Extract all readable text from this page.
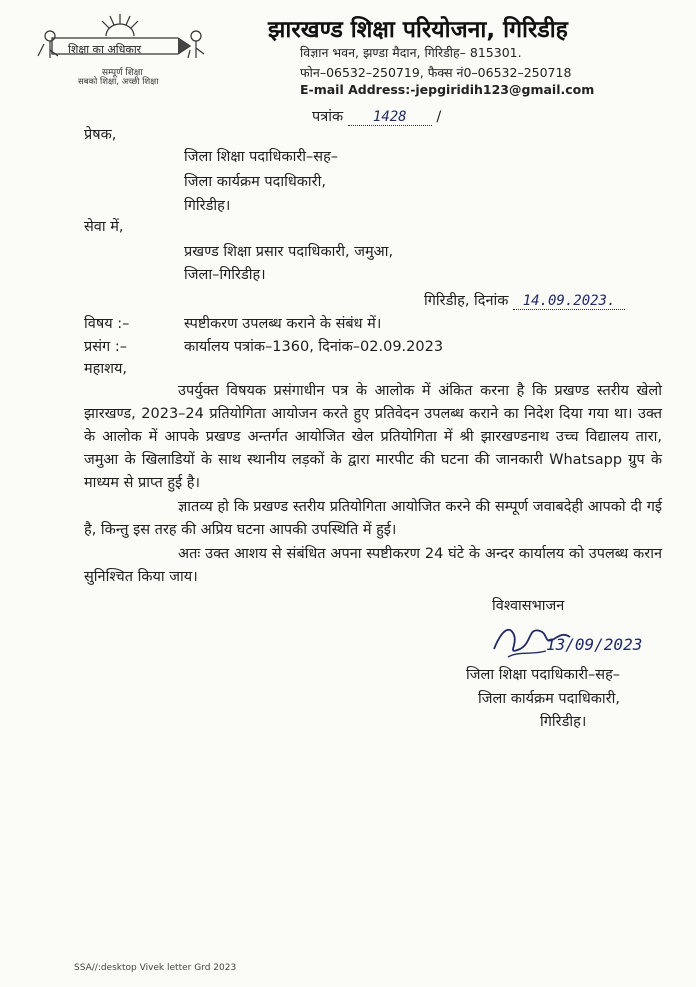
शिक्षा का अधिकार
सम्पूर्ण शिक्षा
सबको शिक्षा, अच्छी शिक्षा
झारखण्ड शिक्षा परियोजना, गिरिडीह
विज्ञान भवन, झण्डा मैदान, गिरिडीह– 815301.
फोन–06532–250719, फैक्स नं0–06532–250718
E-mail Address:-jepgiridih123@gmail.com
पत्रांक 1428 /
प्रेषक,
जिला शिक्षा पदाधिकारी–सह–
जिला कार्यक्रम पदाधिकारी,
गिरिडीह।
सेवा में,
प्रखण्ड शिक्षा प्रसार पदाधिकारी, जमुआ,
जिला–गिरिडीह।
गिरिडीह, दिनांक 14.09.2023.
विषय :–	स्पष्टीकरण उपलब्ध कराने के संबंध में।
प्रसंग :–	कार्यालय पत्रांक–1360, दिनांक–02.09.2023
महाशय,
उपर्युक्त विषयक प्रसंगाधीन पत्र के आलोक में अंकित करना है कि प्रखण्ड स्तरीय खेलो झारखण्ड, 2023–24 प्रतियोगिता आयोजन करते हुए प्रतिवेदन उपलब्ध कराने का निदेश दिया गया था। उक्त के आलोक में आपके प्रखण्ड अन्तर्गत आयोजित खेल प्रतियोगिता में श्री झारखण्डनाथ उच्च विद्यालय तारा, जमुआ के खिलाडियों के साथ स्थानीय लड़कों के द्वारा मारपीट की घटना की जानकारी Whatsapp ग्रुप के माध्यम से प्राप्त हुई है।
ज्ञातव्य हो कि प्रखण्ड स्तरीय प्रतियोगिता आयोजित करने की सम्पूर्ण जवाबदेही आपको दी गई है, किन्तु इस तरह की अप्रिय घटना आपकी उपस्थिति में हुई।
अतः उक्त आशय से संबंधित अपना स्पष्टीकरण 24 घंटे के अन्दर कार्यालय को उपलब्ध करान सुनिश्चित किया जाय।
विश्वासभाजन
13/09/2023
जिला शिक्षा पदाधिकारी–सह–
जिला कार्यक्रम पदाधिकारी,
गिरिडीह।
SSA//:desktop Vivek letter Grd 2023
